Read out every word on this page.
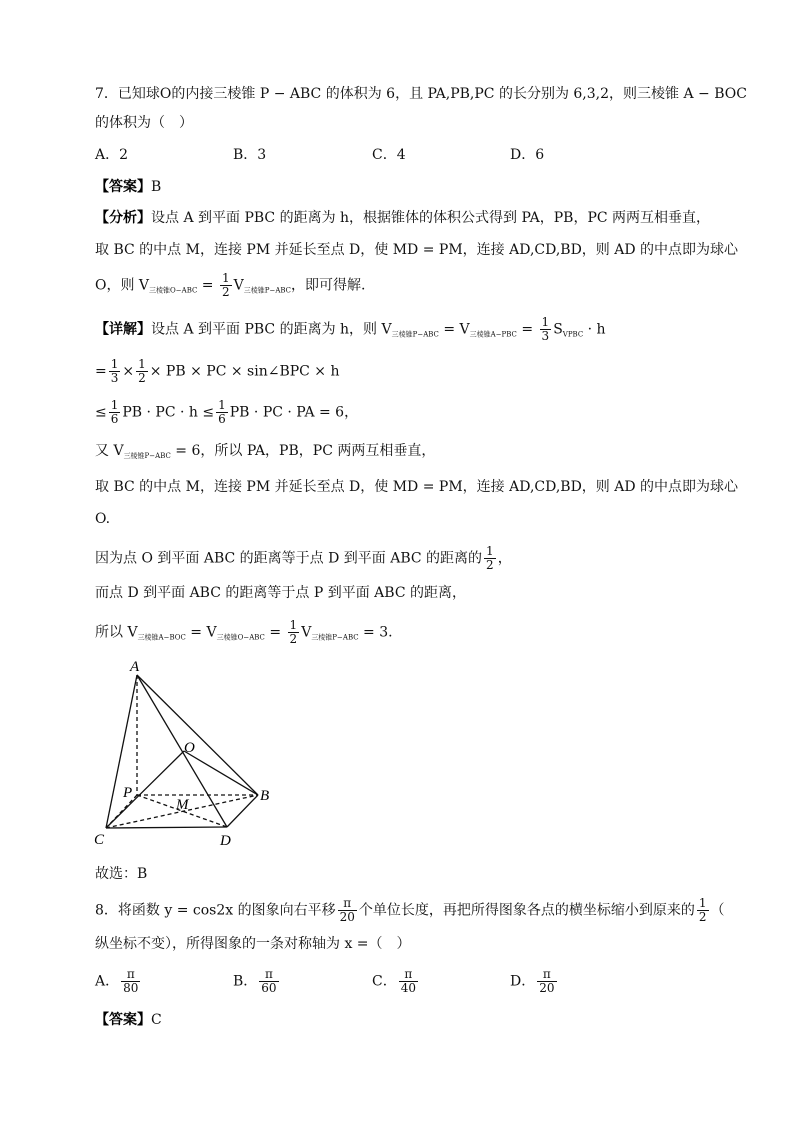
7．已知球O的内接三棱锥 P − ABC 的体积为 6，且 PA,PB,PC 的长分别为 6,3,2，则三棱锥 A − BOC
的体积为（　）
A．2	B．3	C．4	D．6
【答案】B
【分析】设点 A 到平面 PBC 的距离为 h，根据锥体的体积公式得到 PA，PB，PC 两两互相垂直，
取 BC 的中点 M，连接 PM 并延长至点 D，使 MD = PM，连接 AD,CD,BD，则 AD 的中点即为球心
O，则 $V_{三棱锥O-ABC} = \frac{1}{2} V_{三棱锥P-ABC}$，即可得解.
【详解】设点 A 到平面 PBC 的距离为 h，则 $V_{三棱锥P-ABC} = V_{三棱锥A-PBC} = \frac{1}{3} S_{VPBC} \cdot h$
= $\frac{1}{3} \times \frac{1}{2}$ × PB × PC × sin∠BPC × h
≤ $\frac{1}{6}$ PB · PC · $h \le \frac{1}{6}$ PB · PC · PA = 6，
又 $V_{三棱锥P-ABC} = 6$，所以 PA，PB，PC 两两互相垂直，
取 BC 的中点 M，连接 PM 并延长至点 D，使 MD = PM，连接 AD,CD,BD，则 AD 的中点即为球心
O.
因为点 O 到平面 ABC 的距离等于点 D 到平面 ABC 的距离的 $\frac{1}{2}$ ，
而点 D 到平面 ABC 的距离等于点 P 到平面 ABC 的距离，
所以 $V_{三棱锥A-BOC} = V_{三棱锥O-ABC} = \frac{1}{2} V_{三棱锥P-ABC} = 3$.
A
O
P
M
B
C	D
故选：B
8．将函数 y = cos2x 的图象向右平移 $\frac{\pi}{20}$ 个单位长度，再把所得图象各点的横坐标缩小到原来的 $\frac{1}{2}$ （
纵坐标不变），所得图象的一条对称轴为 x =（　）
A． $\frac{\pi}{80}$	B． $\frac{\pi}{60}$	C． $\frac{\pi}{40}$	D． $\frac{\pi}{20}$
【答案】C
